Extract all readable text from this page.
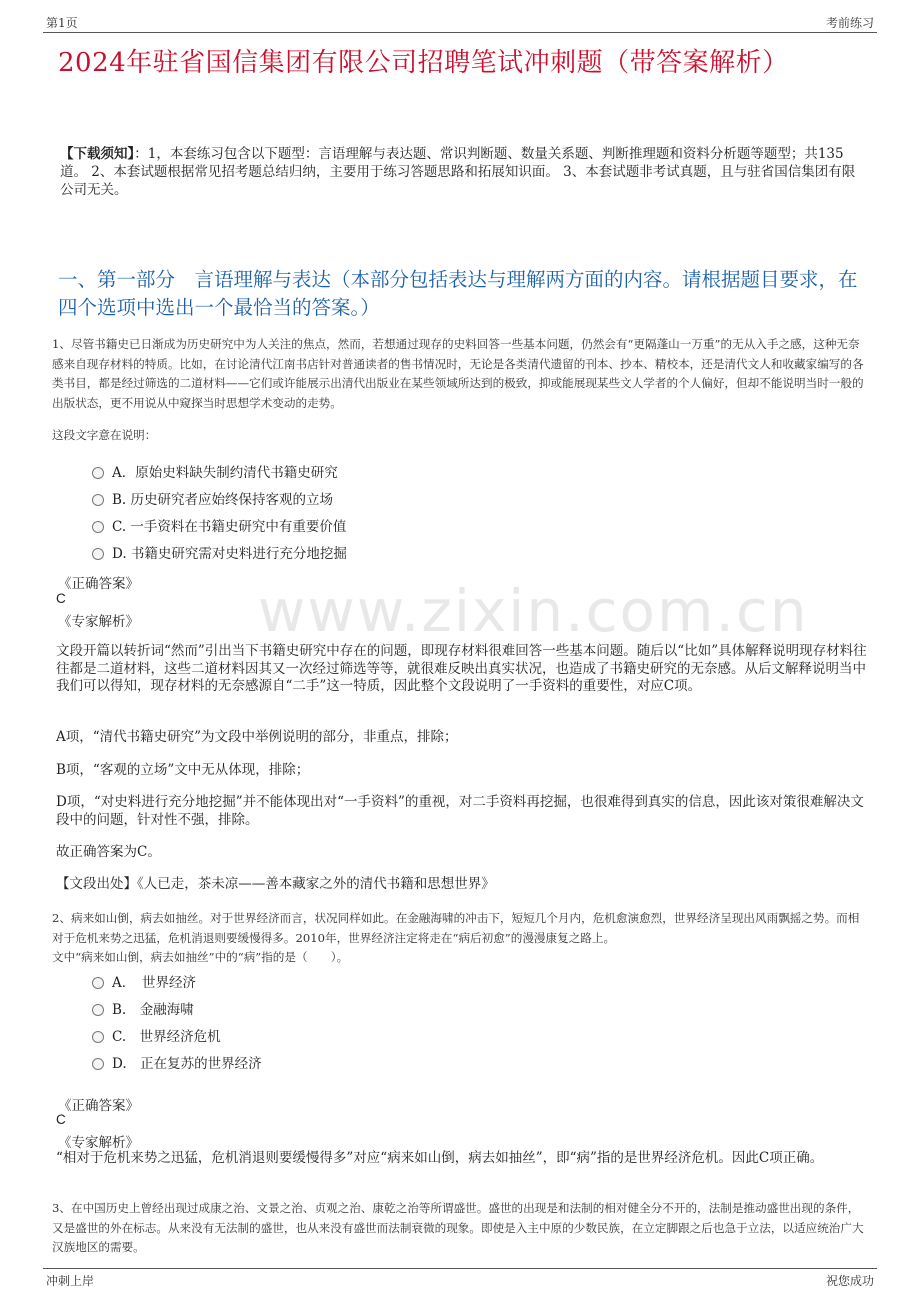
第1页	考前练习
2024年驻省国信集团有限公司招聘笔试冲刺题（带答案解析）
www.zixin.com.cn
【下载须知】：1，本套练习包含以下题型：言语理解与表达题、常识判断题、数量关系题、判断推理题和资料分析题等题型；共135道。 2、本套试题根据常见招考题总结归纳，主要用于练习答题思路和拓展知识面。 3、本套试题非考试真题，且与驻省国信集团有限公司无关。
一、第一部分　言语理解与表达（本部分包括表达与理解两方面的内容。请根据题目要求，在四个选项中选出一个最恰当的答案。）
1、尽管书籍史已日渐成为历史研究中为人关注的焦点，然而，若想通过现存的史料回答一些基本问题，仍然会有“更隔蓬山一万重”的无从入手之感，这种无奈感来自现存材料的特质。比如，在讨论清代江南书店针对普通读者的售书情况时，无论是各类清代遗留的刊本、抄本、精校本，还是清代文人和收藏家编写的各类书目，都是经过筛选的二道材料——它们或许能展示出清代出版业在某些领域所达到的极致，抑或能展现某些文人学者的个人偏好，但却不能说明当时一般的出版状态，更不用说从中窥探当时思想学术变动的走势。
这段文字意在说明：
A．原始史料缺失制约清代书籍史研究
B. 历史研究者应始终保持客观的立场
C. 一手资料在书籍史研究中有重要价值
D. 书籍史研究需对史料进行充分地挖掘
《正确答案》
C
《专家解析》
文段开篇以转折词“然而”引出当下书籍史研究中存在的问题，即现存材料很难回答一些基本问题。随后以“比如”具体解释说明现存材料往往都是二道材料，这些二道材料因其又一次经过筛选等等，就很难反映出真实状况，也造成了书籍史研究的无奈感。从后文解释说明当中我们可以得知，现存材料的无奈感源自“二手”这一特质，因此整个文段说明了一手资料的重要性，对应C项。
A项，“清代书籍史研究”为文段中举例说明的部分，非重点，排除；
B项，“客观的立场”文中无从体现，排除；
D项，“对史料进行充分地挖掘”并不能体现出对“一手资料”的重视，对二手资料再挖掘，也很难得到真实的信息，因此该对策很难解决文段中的问题，针对性不强，排除。
故正确答案为C。
【文段出处】《人已走，茶未凉——善本藏家之外的清代书籍和思想世界》
2、病来如山倒，病去如抽丝。对于世界经济而言，状况同样如此。在金融海啸的冲击下，短短几个月内，危机愈演愈烈，世界经济呈现出风雨飘摇之势。而相对于危机来势之迅猛，危机消退则要缓慢得多。2010年，世界经济注定将走在“病后初愈”的漫漫康复之路上。
文中“病来如山倒，病去如抽丝”中的“病”指的是（　　）。
A．　世界经济
B.　金融海啸
C.　世界经济危机
D.　正在复苏的世界经济
《正确答案》
C
《专家解析》
“相对于危机来势之迅猛，危机消退则要缓慢得多”对应“病来如山倒，病去如抽丝”，即“病”指的是世界经济危机。因此C项正确。
3、在中国历史上曾经出现过成康之治、文景之治、贞观之治、康乾之治等所谓盛世。盛世的出现是和法制的相对健全分不开的，法制是推动盛世出现的条件，又是盛世的外在标志。从来没有无法制的盛世，也从来没有盛世而法制衰微的现象。即使是入主中原的少数民族，在立定脚跟之后也急于立法，以适应统治广大汉族地区的需要。
冲刺上岸	祝您成功
